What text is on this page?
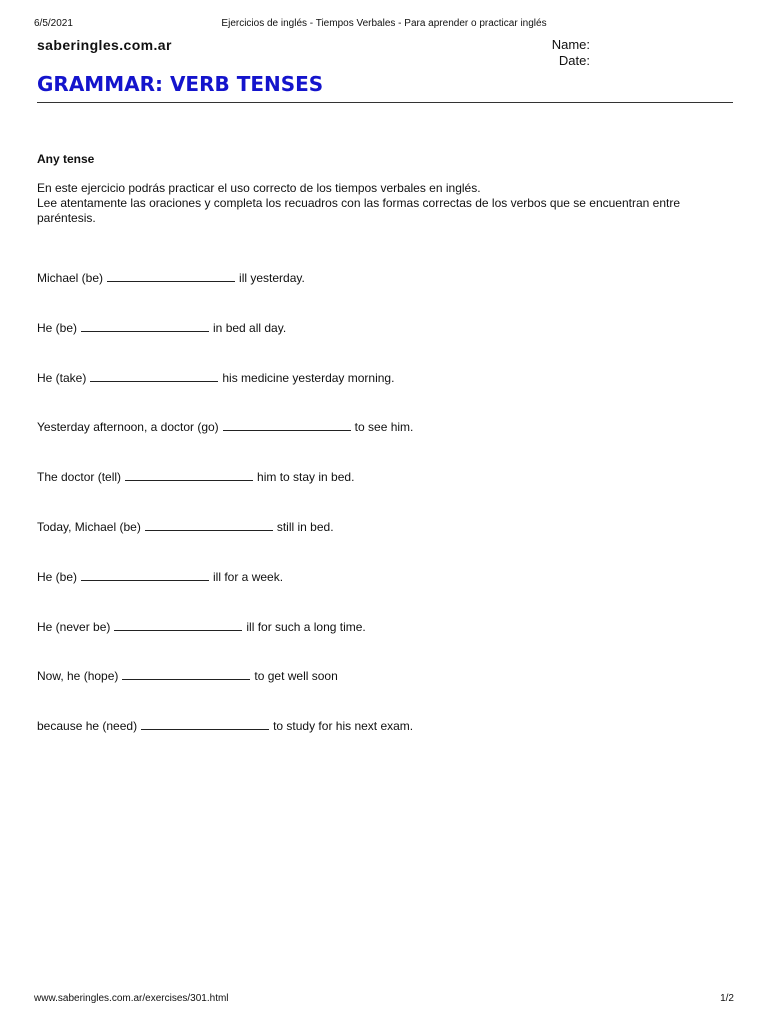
6/5/2021	Ejercicios de inglés - Tiempos Verbales - Para aprender o practicar inglés
saberingles.com.ar	Name:
Date:
GRAMMAR: VERB TENSES
Any tense

En este ejercicio podrás practicar el uso correcto de los tiempos verbales en inglés.

Lee atentamente las oraciones y completa los recuadros con las formas correctas de los verbos que se encuentran entre paréntesis.

Michael (be)	ill yesterday.
He (be)	in bed all day.
He (take)	his medicine yesterday morning.
Yesterday afternoon, a doctor (go)	to see him.
The doctor (tell)	him to stay in bed.
Today, Michael (be)	still in bed.
He (be)	ill for a week.
He (never be)	ill for such a long time.
Now, he (hope)	to get well soon
because he (need)	to study for his next exam.
www.saberingles.com.ar/exercises/301.html	1/2
